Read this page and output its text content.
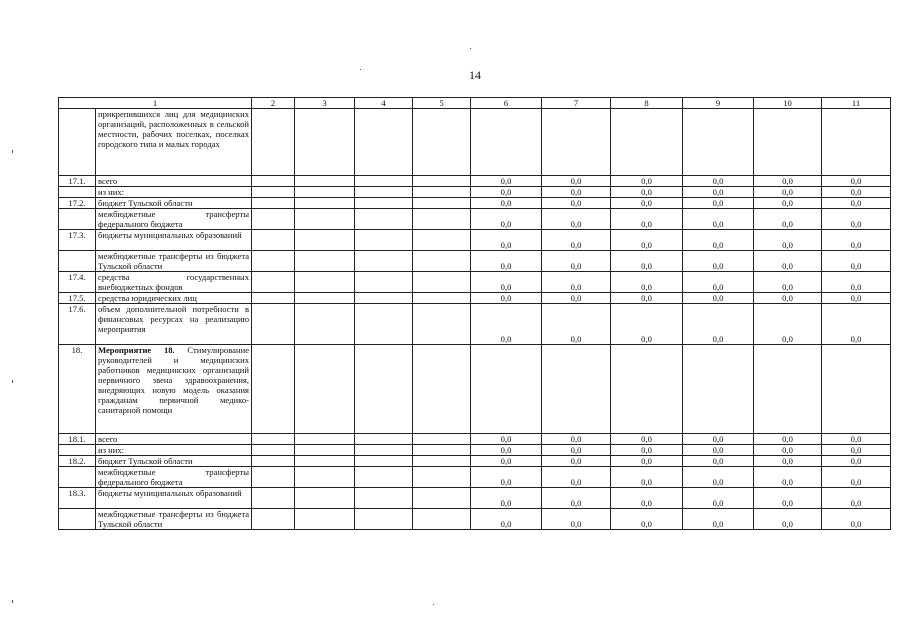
14
1		2	3	4	5	6	7	8	9	10	11
	прикрепившихся лиц для медицинских организаций, расположенных в сельской местности, рабочих поселках, поселках городского типа и малых городах										
17.1.	всего					0,0	0,0	0,0	0,0	0,0	0,0
	из них:					0,0	0,0	0,0	0,0	0,0	0,0
17.2.	бюджет Тульской области					0,0	0,0	0,0	0,0	0,0	0,0
	межбюджетные трансферты федерального бюджета					0,0	0,0	0,0	0,0	0,0	0,0
17.3.	бюджеты муниципальных образований					0,0	0,0	0,0	0,0	0,0	0,0
	межбюджетные трансферты из бюджета Тульской области					0,0	0,0	0,0	0,0	0,0	0,0
17.4.	средства государственных внебюджетных фондов					0,0	0,0	0,0	0,0	0,0	0,0
17.5.	средства юридических лиц					0,0	0,0	0,0	0,0	0,0	0,0
17.6.	объем дополнительной потребности в финансовых ресурсах на реализацию мероприятия					0,0	0,0	0,0	0,0	0,0	0,0
18.	Мероприятие 18. Стимулирование руководителей и медицинских работников медицинских организаций первичного звена здравоохранения, внедряющих новую модель оказания гражданам первичной медико-санитарной помощи										
18.1.	всего					0,0	0,0	0,0	0,0	0,0	0,0
	из них:					0,0	0,0	0,0	0,0	0,0	0,0
18.2.	бюджет Тульской области					0,0	0,0	0,0	0,0	0,0	0,0
	межбюджетные трансферты федерального бюджета					0,0	0,0	0,0	0,0	0,0	0,0
18.3.	бюджеты муниципальных образований					0,0	0,0	0,0	0,0	0,0	0,0
	межбюджетные трансферты из бюджета Тульской области					0,0	0,0	0,0	0,0	0,0	0,0
